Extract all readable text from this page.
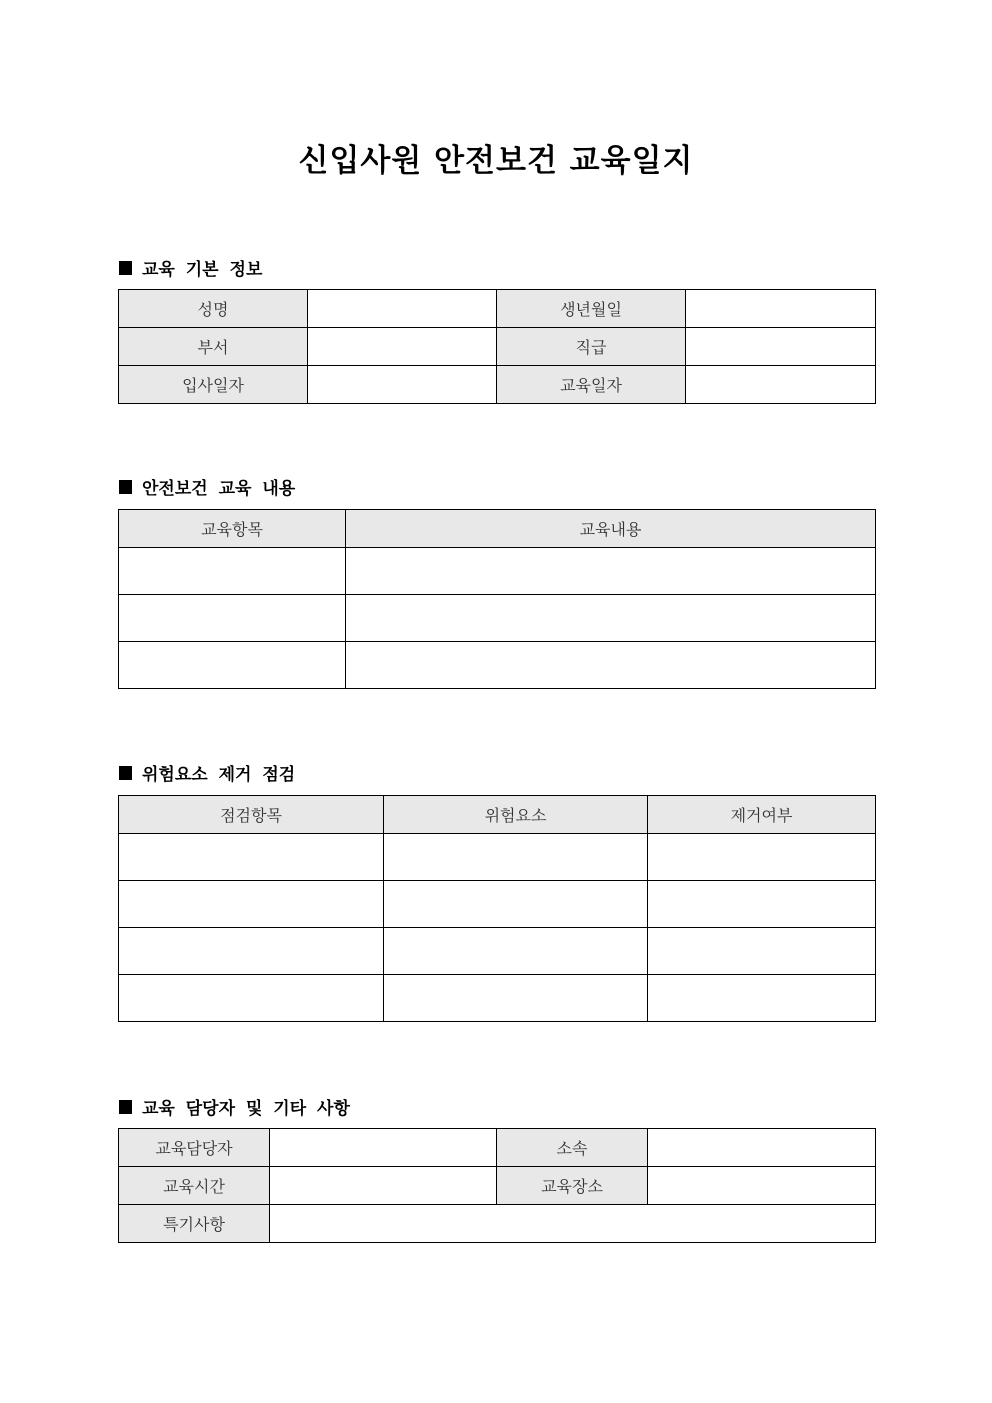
신입사원 안전보건 교육일지
교육 기본 정보
성명		생년월일	
부서		직급	
입사일자		교육일자	
안전보건 교육 내용
교육항목	교육내용

위험요소 제거 점검
점검항목	위험요소	제거여부

교육 담당자 및 기타 사항
교육담당자		소속	
교육시간		교육장소	
특기사항			
